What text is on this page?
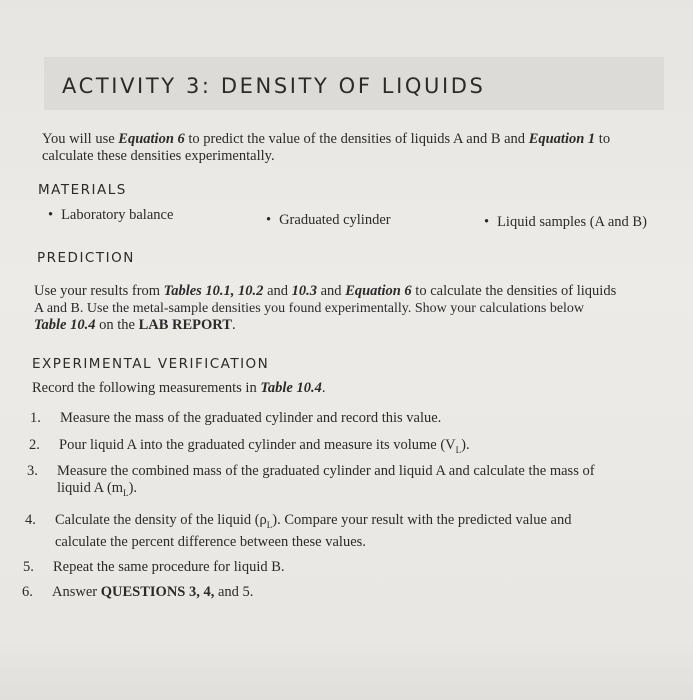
ACTIVITY 3: DENSITY OF LIQUIDS
You will use Equation 6 to predict the value of the densities of liquids A and B and Equation 1 to
calculate these densities experimentally.
MATERIALS
• Laboratory balance	• Graduated cylinder	• Liquid samples (A and B)
PREDICTION
Use your results from Tables 10.1, 10.2 and 10.3 and Equation 6 to calculate the densities of liquids
A and B. Use the metal-sample densities you found experimentally. Show your calculations below
Table 10.4 on the LAB REPORT.
EXPERIMENTAL VERIFICATION
Record the following measurements in Table 10.4.
1. Measure the mass of the graduated cylinder and record this value.
2. Pour liquid A into the graduated cylinder and measure its volume $(V_L)$.
3. Measure the combined mass of the graduated cylinder and liquid A and calculate the mass of
liquid A $(m_L)$.
4. Calculate the density of the liquid $(\rho_L)$. Compare your result with the predicted value and
calculate the percent difference between these values.
5. Repeat the same procedure for liquid B.
6. Answer QUESTIONS 3, 4, and 5.
